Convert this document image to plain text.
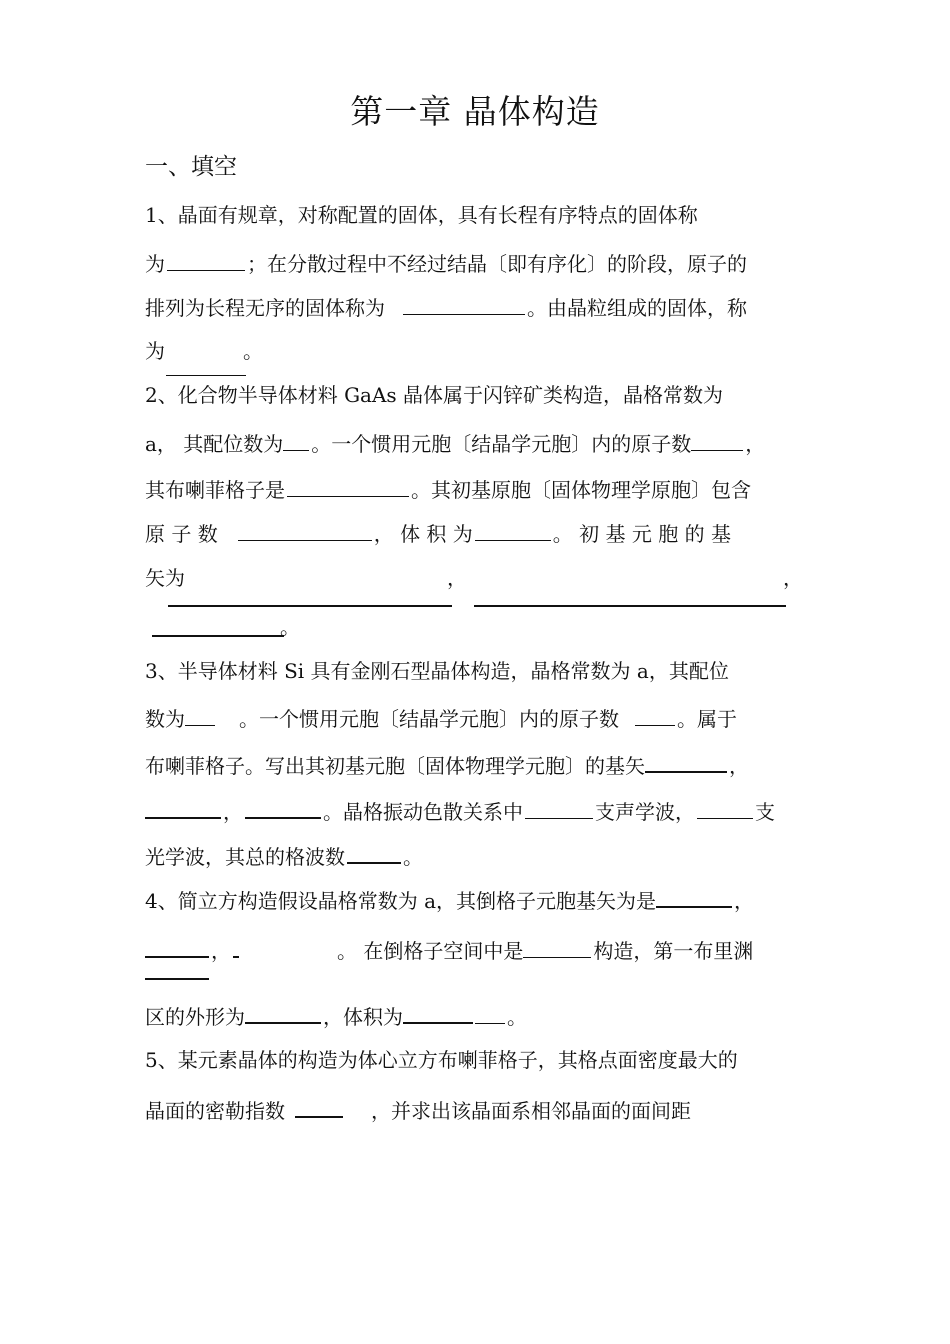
第一章 晶体构造
一、填空
1、晶面有规章，对称配置的固体，具有长程有序特点的固体称
为	；在分散过程中不经过结晶〔即有序化〕的阶段，原子的
排列为长程无序的固体称为	。由晶粒组成的固体，称
为	。
2、化合物半导体材料 GaAs 晶体属于闪锌矿类构造，晶格常数为
a， 其配位数为 。一个惯用元胞〔结晶学元胞〕内的原子数	，
其布喇菲格子是	。其初基原胞〔固体物理学原胞〕包含
原 子 数	， 体 积 为	。 初 基 元 胞 的 基
矢为	，	，
。
3、半导体材料 Si 具有金刚石型晶体构造，晶格常数为 a，其配位
数为	。一个惯用元胞〔结晶学元胞〕内的原子数	。属于
布喇菲格子。写出其初基元胞〔固体物理学元胞〕的基矢	，
，	。晶格振动色散关系中	支声学波，	支
光学波，其总的格波数	。
4、简立方构造假设晶格常数为 a，其倒格子元胞基矢为是	，
，	。 在倒格子空间中是	构造，第一布里渊
区的外形为	，体积为	。
5、某元素晶体的构造为体心立方布喇菲格子，其格点面密度最大的
晶面的密勒指数	，并求出该晶面系相邻晶面的面间距
